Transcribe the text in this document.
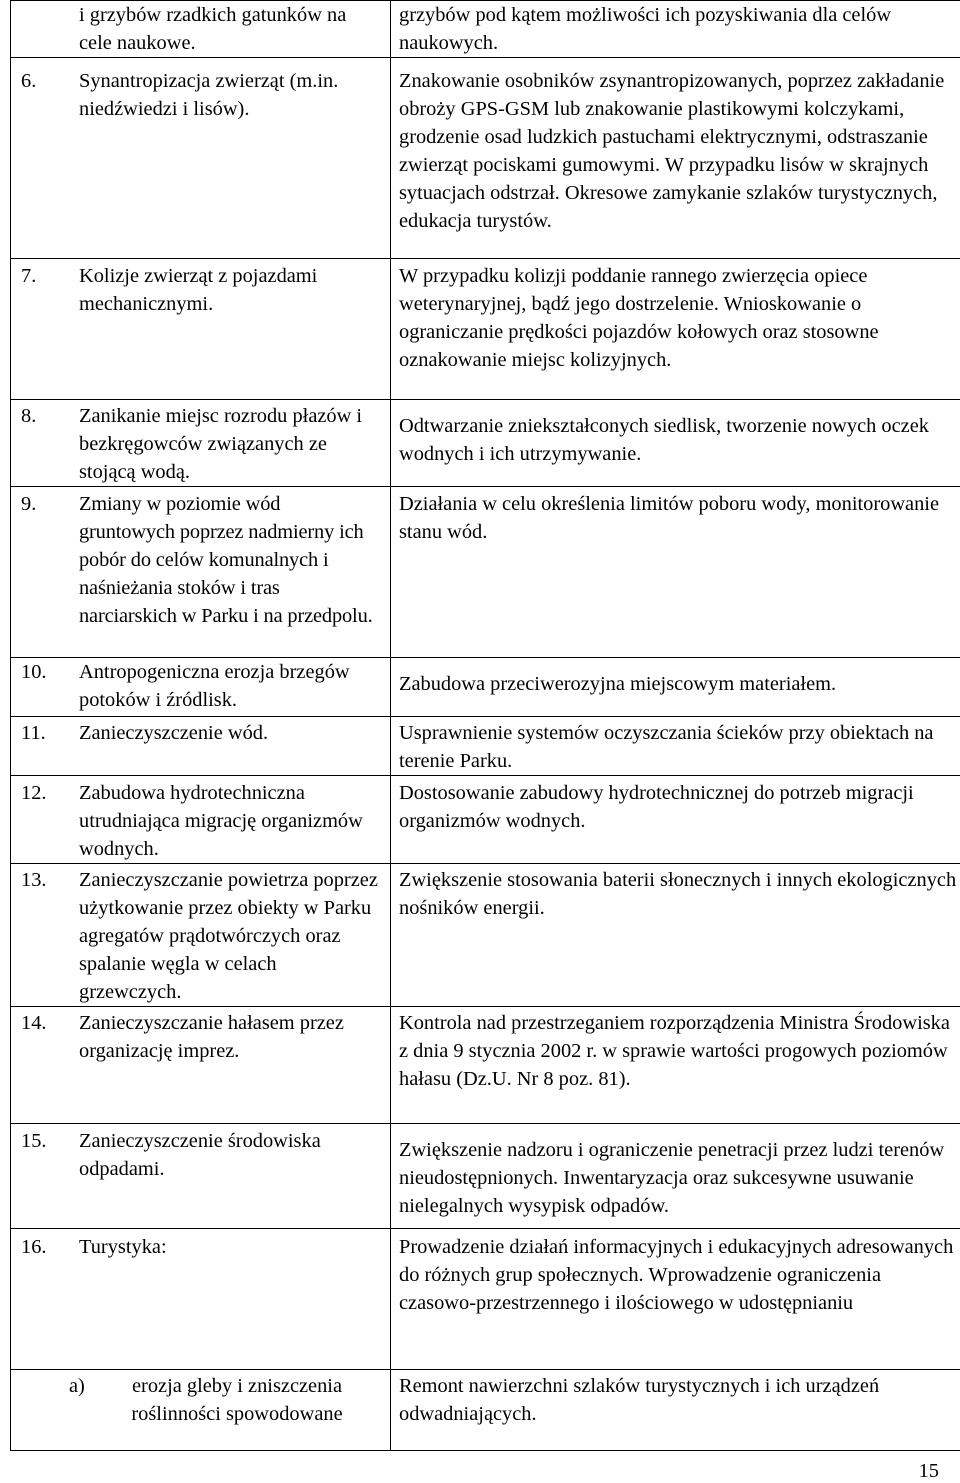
i grzybów rzadkich gatunków na cele naukowe.	grzybów pod kątem możliwości ich pozyskiwania dla celów naukowych.

6. Synantropizacja zwierząt (m.in. niedźwiedzi i lisów).	Znakowanie osobników zsynantropizowanych, poprzez zakładanie obroży GPS-GSM lub znakowanie plastikowymi kolczykami, grodzenie osad ludzkich pastuchami elektrycznymi, odstraszanie zwierząt pociskami gumowymi. W przypadku lisów w skrajnych sytuacjach odstrzał. Okresowe zamykanie szlaków turystycznych, edukacja turystów.

7. Kolizje zwierząt z pojazdami mechanicznymi.	W przypadku kolizji poddanie rannego zwierzęcia opiece weterynaryjnej, bądź jego dostrzelenie. Wnioskowanie o ograniczanie prędkości pojazdów kołowych oraz stosowne oznakowanie miejsc kolizyjnych.

8. Zanikanie miejsc rozrodu płazów i bezkręgowców związanych ze stojącą wodą.	Odtwarzanie zniekształconych siedlisk, tworzenie nowych oczek wodnych i ich utrzymywanie.

9. Zmiany w poziomie wód gruntowych poprzez nadmierny ich pobór do celów komunalnych i naśnieżania stoków i tras narciarskich w Parku i na przedpolu.	Działania w celu określenia limitów poboru wody, monitorowanie stanu wód.

10. Antropogeniczna erozja brzegów potoków i źródlisk.	Zabudowa przeciwerozyjna miejscowym materiałem.

11. Zanieczyszczenie wód.	Usprawnienie systemów oczyszczania ścieków przy obiektach na terenie Parku.

12. Zabudowa hydrotechniczna utrudniająca migrację organizmów wodnych.	Dostosowanie zabudowy hydrotechnicznej do potrzeb migracji organizmów wodnych.

13. Zanieczyszczanie powietrza poprzez użytkowanie przez obiekty w Parku agregatów prądotwórczych oraz spalanie węgla w celach grzewczych.	Zwiększenie stosowania baterii słonecznych i innych ekologicznych nośników energii.

14. Zanieczyszczanie hałasem przez organizację imprez.	Kontrola nad przestrzeganiem rozporządzenia Ministra Środowiska z dnia 9 stycznia 2002 r. w sprawie wartości progowych poziomów hałasu (Dz.U. Nr 8 poz. 81).

15. Zanieczyszczenie środowiska odpadami.	Zwiększenie nadzoru i ograniczenie penetracji przez ludzi terenów nieudostępnionych. Inwentaryzacja oraz sukcesywne usuwanie nielegalnych wysypisk odpadów.

16. Turystyka:	Prowadzenie działań informacyjnych i edukacyjnych adresowanych do różnych grup społecznych. Wprowadzenie ograniczenia czasowo-przestrzennego i ilościowego w udostępnianiu

a) erozja gleby i zniszczenia roślinności spowodowane	Remont nawierzchni szlaków turystycznych i ich urządzeń odwadniających.
15
